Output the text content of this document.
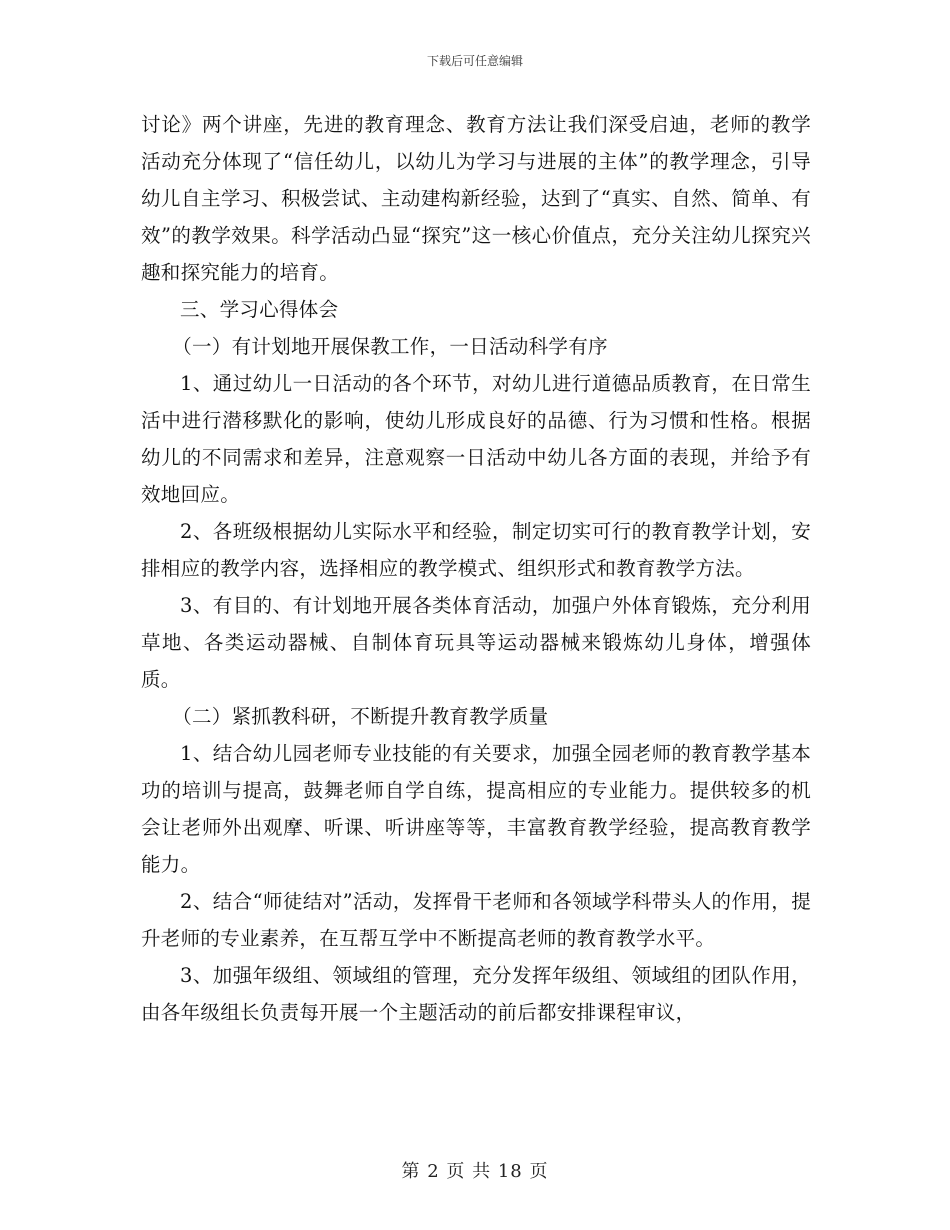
下载后可任意编辑

讨论》两个讲座，先进的教育理念、教育方法让我们深受启迪，老师的教学活动充分体现了“信任幼儿，以幼儿为学习与进展的主体”的教学理念，引导幼儿自主学习、积极尝试、主动建构新经验，达到了“真实、自然、简单、有效”的教学效果。科学活动凸显“探究”这一核心价值点，充分关注幼儿探究兴趣和探究能力的培育。

三、学习心得体会

（一）有计划地开展保教工作，一日活动科学有序

1、通过幼儿一日活动的各个环节，对幼儿进行道德品质教育，在日常生活中进行潜移默化的影响，使幼儿形成良好的品德、行为习惯和性格。根据幼儿的不同需求和差异，注意观察一日活动中幼儿各方面的表现，并给予有效地回应。

2、各班级根据幼儿实际水平和经验，制定切实可行的教育教学计划，安排相应的教学内容，选择相应的教学模式、组织形式和教育教学方法。

3、有目的、有计划地开展各类体育活动，加强户外体育锻炼，充分利用草地、各类运动器械、自制体育玩具等运动器械来锻炼幼儿身体，增强体质。

（二）紧抓教科研，不断提升教育教学质量

1、结合幼儿园老师专业技能的有关要求，加强全园老师的教育教学基本功的培训与提高，鼓舞老师自学自练，提高相应的专业能力。提供较多的机会让老师外出观摩、听课、听讲座等等，丰富教育教学经验，提高教育教学能力。

2、结合“师徒结对”活动，发挥骨干老师和各领域学科带头人的作用，提升老师的专业素养，在互帮互学中不断提高老师的教育教学水平。

3、加强年级组、领域组的管理，充分发挥年级组、领域组的团队作用，由各年级组长负责每开展一个主题活动的前后都安排课程审议，

第 2 页 共 18 页
